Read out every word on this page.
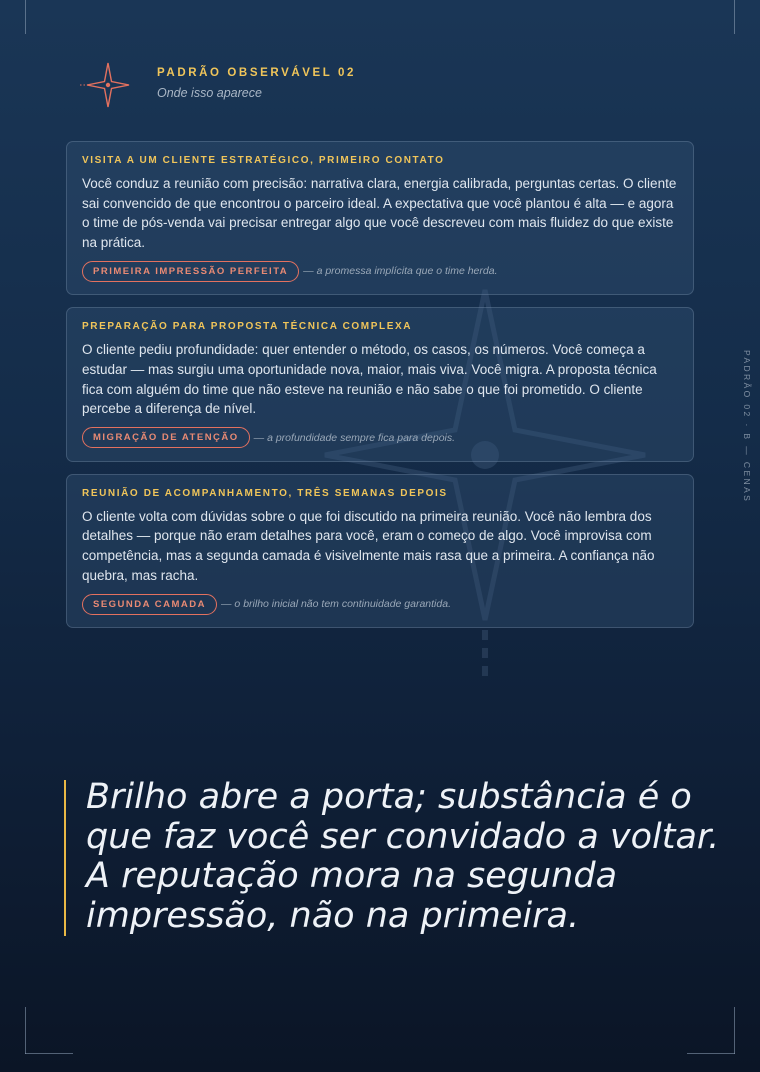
PADRÃO OBSERVÁVEL 02
Onde isso aparece
VISITA A UM CLIENTE ESTRATÉGICO, PRIMEIRO CONTATO

Você conduz a reunião com precisão: narrativa clara, energia calibrada, perguntas certas. O cliente sai convencido de que encontrou o parceiro ideal. A expectativa que você plantou é alta — e agora o time de pós-venda vai precisar entregar algo que você descreveu com mais fluidez do que existe na prática.

PRIMEIRA IMPRESSÃO PERFEITA	— a promessa implícita que o time herda.
PREPARAÇÃO PARA PROPOSTA TÉCNICA COMPLEXA

O cliente pediu profundidade: quer entender o método, os casos, os números. Você começa a estudar — mas surgiu uma oportunidade nova, maior, mais viva. Você migra. A proposta técnica fica com alguém do time que não esteve na reunião e não sabe o que foi prometido. O cliente percebe a diferença de nível.

MIGRAÇÃO DE ATENÇÃO	— a profundidade sempre fica para depois.
REUNIÃO DE ACOMPANHAMENTO, TRÊS SEMANAS DEPOIS

O cliente volta com dúvidas sobre o que foi discutido na primeira reunião. Você não lembra dos detalhes — porque não eram detalhes para você, eram o começo de algo. Você improvisa com competência, mas a segunda camada é visivelmente mais rasa que a primeira. A confiança não quebra, mas racha.

SEGUNDA CAMADA	— o brilho inicial não tem continuidade garantida.
PADRÃO 02 · B — CENAS

Brilho abre a porta; substância é o que faz você ser convidado a voltar. A reputação mora na segunda impressão, não na primeira.
